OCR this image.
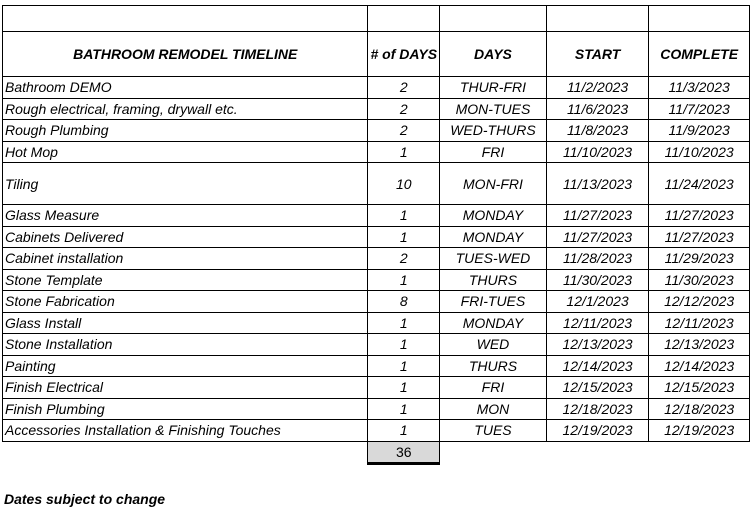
BATHROOM REMODEL TIMELINE	# of DAYS	DAYS	START	COMPLETE
Bathroom DEMO	2	THUR-FRI	11/2/2023	11/3/2023
Rough electrical, framing, drywall etc.	2	MON-TUES	11/6/2023	11/7/2023
Rough Plumbing	2	WED-THURS	11/8/2023	11/9/2023
Hot Mop	1	FRI	11/10/2023	11/10/2023
Tiling	10	MON-FRI	11/13/2023	11/24/2023
Glass Measure	1	MONDAY	11/27/2023	11/27/2023
Cabinets Delivered	1	MONDAY	11/27/2023	11/27/2023
Cabinet installation	2	TUES-WED	11/28/2023	11/29/2023
Stone Template	1	THURS	11/30/2023	11/30/2023
Stone Fabrication	8	FRI-TUES	12/1/2023	12/12/2023
Glass Install	1	MONDAY	12/11/2023	12/11/2023
Stone Installation	1	WED	12/13/2023	12/13/2023
Painting	1	THURS	12/14/2023	12/14/2023
Finish Electrical	1	FRI	12/15/2023	12/15/2023
Finish Plumbing	1	MON	12/18/2023	12/18/2023
Accessories Installation & Finishing Touches	1	TUES	12/19/2023	12/19/2023
	36			
Dates subject to change
